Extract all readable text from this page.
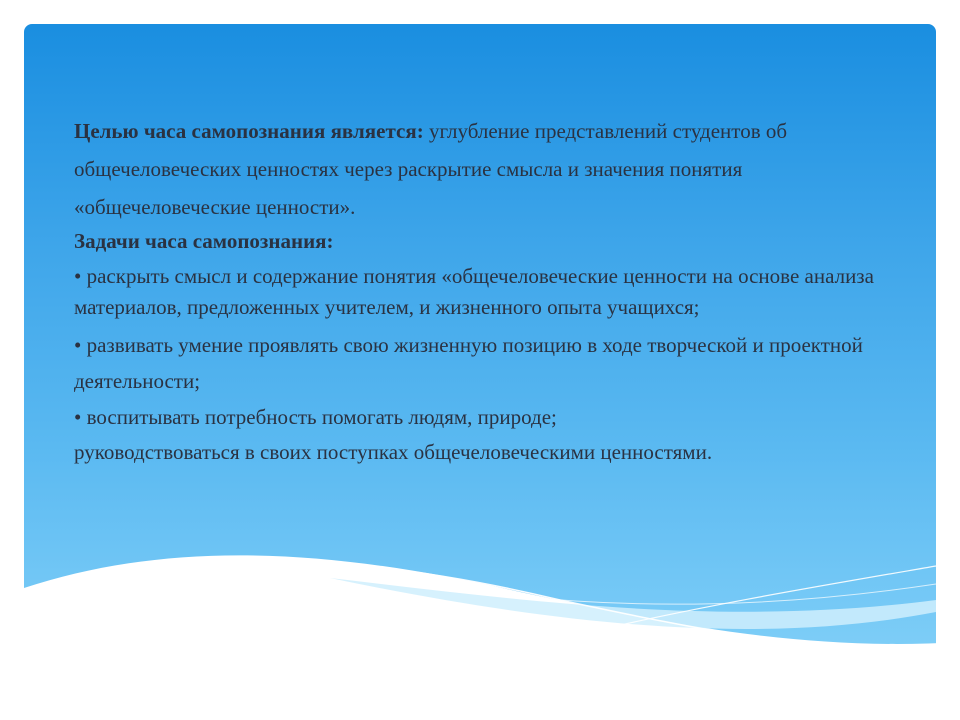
Целью часа самопознания является: углубление представлений студентов об общечеловеческих ценностях через раскрытие смысла и значения понятия «общечеловеческие ценности».

Задачи часа самопознания:

• раскрыть смысл и содержание понятия «общечеловеческие ценности на основе анализа материалов, предложенных учителем, и жизненного опыта учащихся;

• развивать умение проявлять свою жизненную позицию в ходе творческой и проектной деятельности;

• воспитывать потребность помогать людям, природе;

руководствоваться в своих поступках общечеловеческими ценностями.
